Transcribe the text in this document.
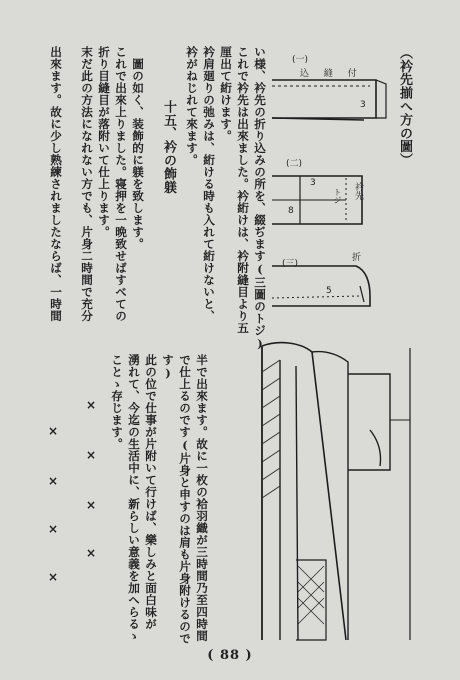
（衿先揃へ方の圖）
い様、衿先の折り込みの所を、綴ぢます(三圖のトジ)
これで衿先は出來ました。衿絎けは、衿附縫目より五
厘出て絎けます。
衿肩廻りの弛みは、絎ける時も入れて絎けないと、
衿がねじれて來ます。
十五、衿の飾躾
圖の如く、装飾的に躾を致します。
これで出來上りました。寝押を一晩致せばすべての
折り目縫目が落附いて仕上ります。
末だ此の方法になれない方でも、片身二時間で充分
出來ます。故に少し熟練されましたならば、一時間
半で出來ます。故に一枚の袷羽織が三時間乃至四時間
で仕上るのです(片身と申すのは肩も片身附けるので
す)
此の位で仕事が片附いて行けば、樂しみと面白味が
湧れて、今迄の生活中に、新らしい意義を加へらるゝ
ことゝ存じます。
×
×
×
×
×
×
×
×
(一)
込 縫 付
3
(二)
衿先
トジ
3
8
(三)
折
5
( 88 )
